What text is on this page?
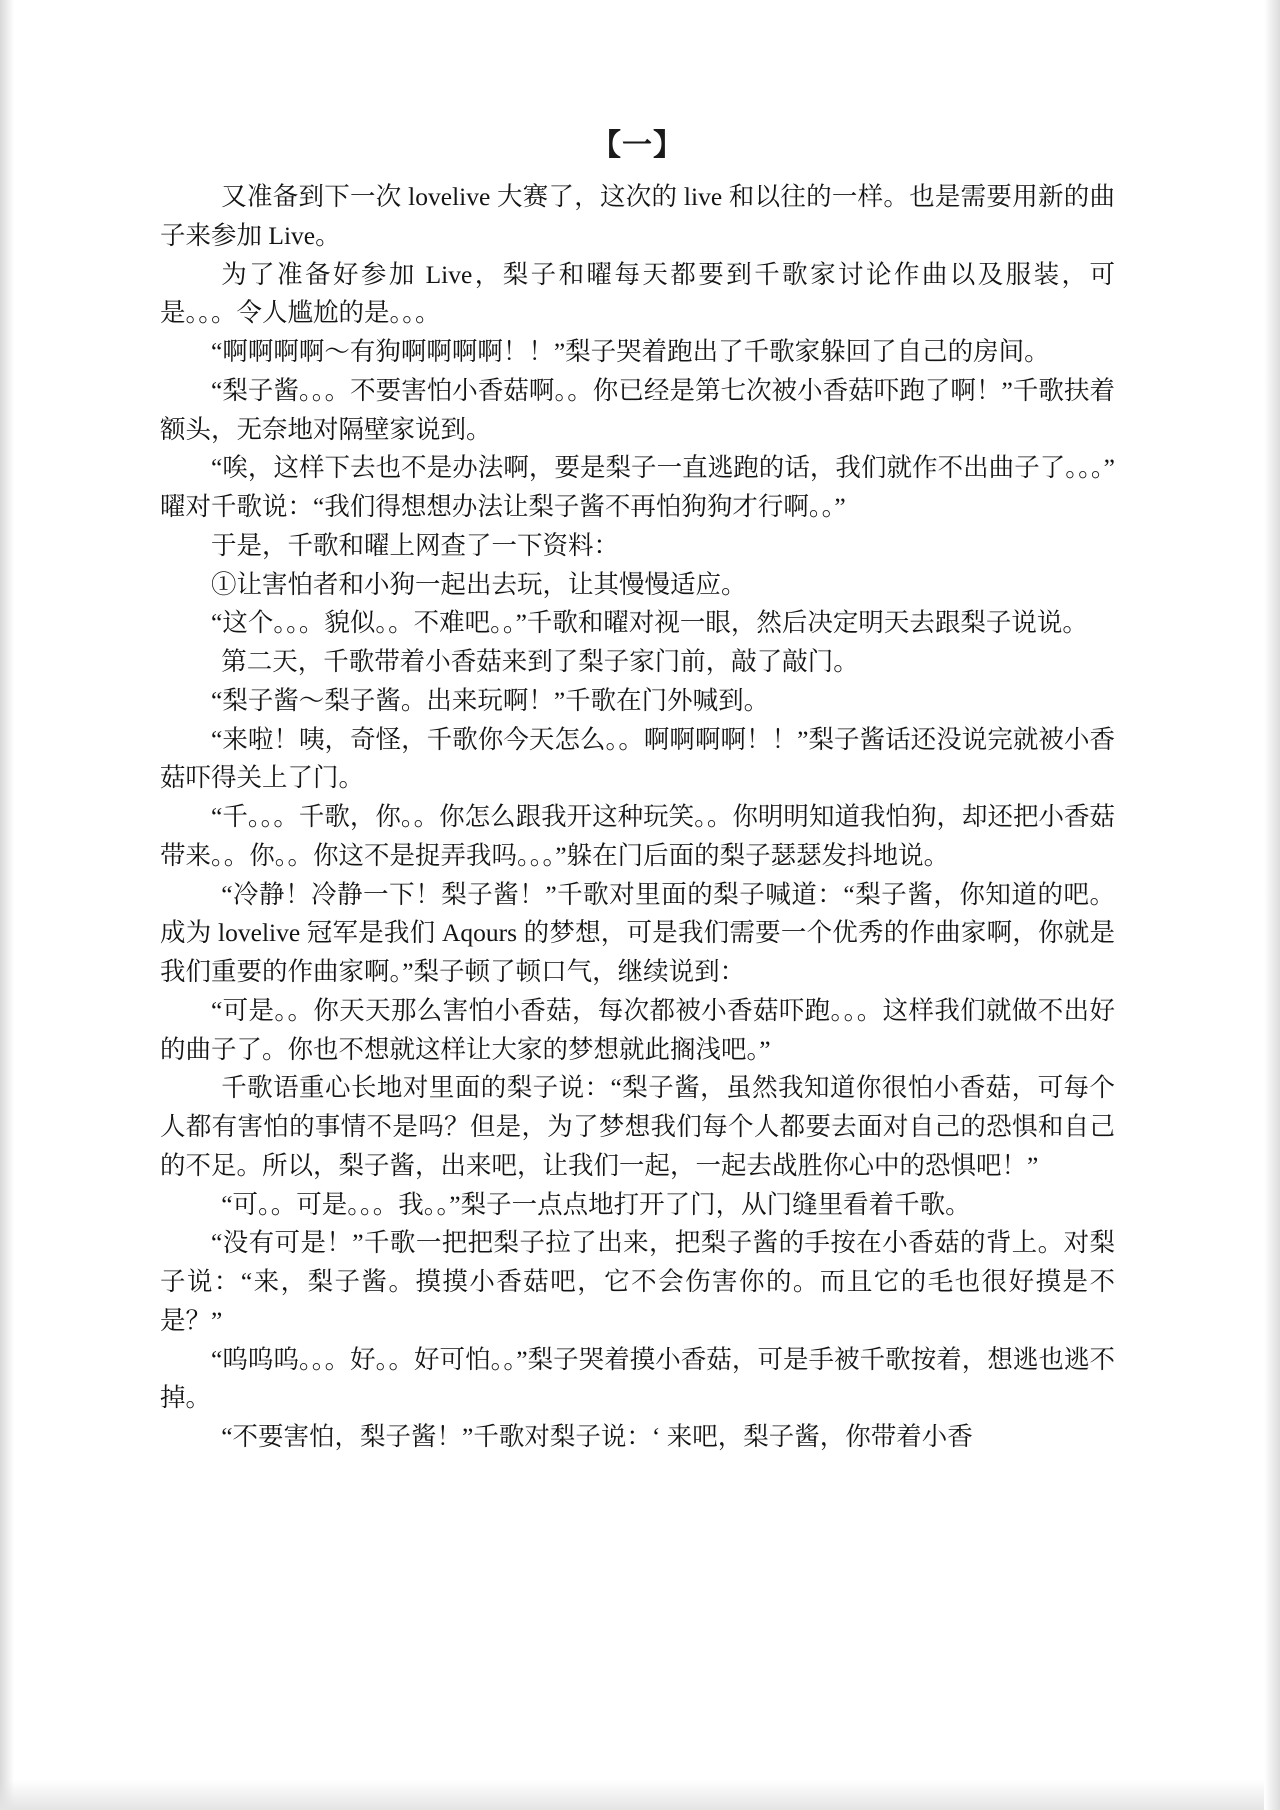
【一】

又准备到下一次 lovelive 大赛了，这次的 live 和以往的一样。也是需要用新的曲子来参加 Live。

为了准备好参加 Live，梨子和曜每天都要到千歌家讨论作曲以及服装，可是。。。令人尴尬的是。。。

“啊啊啊啊～有狗啊啊啊啊！！”梨子哭着跑出了千歌家躲回了自己的房间。

“梨子酱。。。不要害怕小香菇啊。。你已经是第七次被小香菇吓跑了啊！”千歌扶着额头，无奈地对隔壁家说到。

“唉，这样下去也不是办法啊，要是梨子一直逃跑的话，我们就作不出曲子了。。。”曜对千歌说：“我们得想想办法让梨子酱不再怕狗狗才行啊。。”

于是，千歌和曜上网查了一下资料：

①让害怕者和小狗一起出去玩，让其慢慢适应。

“这个。。。貌似。。不难吧。。”千歌和曜对视一眼，然后决定明天去跟梨子说说。

第二天，千歌带着小香菇来到了梨子家门前，敲了敲门。

“梨子酱～梨子酱。出来玩啊！”千歌在门外喊到。

“来啦！咦，奇怪，千歌你今天怎么。。啊啊啊啊！！”梨子酱话还没说完就被小香菇吓得关上了门。

“千。。。千歌，你。。你怎么跟我开这种玩笑。。你明明知道我怕狗，却还把小香菇带来。。你。。你这不是捉弄我吗。。。”躲在门后面的梨子瑟瑟发抖地说。

“冷静！冷静一下！梨子酱！”千歌对里面的梨子喊道：“梨子酱，你知道的吧。成为 lovelive 冠军是我们 Aqours 的梦想，可是我们需要一个优秀的作曲家啊，你就是我们重要的作曲家啊。”梨子顿了顿口气，继续说到：

“可是。。你天天那么害怕小香菇，每次都被小香菇吓跑。。。这样我们就做不出好的曲子了。你也不想就这样让大家的梦想就此搁浅吧。”

千歌语重心长地对里面的梨子说：“梨子酱，虽然我知道你很怕小香菇，可每个人都有害怕的事情不是吗？但是，为了梦想我们每个人都要去面对自己的恐惧和自己的不足。所以，梨子酱，出来吧，让我们一起，一起去战胜你心中的恐惧吧！”

“可。。可是。。。我。。”梨子一点点地打开了门，从门缝里看着千歌。

“没有可是！”千歌一把把梨子拉了出来，把梨子酱的手按在小香菇的背上。对梨子说：“来，梨子酱。摸摸小香菇吧，它不会伤害你的。而且它的毛也很好摸是不是？”

“呜呜呜。。。好。。好可怕。。”梨子哭着摸小香菇，可是手被千歌按着，想逃也逃不掉。

“不要害怕，梨子酱！”千歌对梨子说：‘ 来吧，梨子酱，你带着小香
